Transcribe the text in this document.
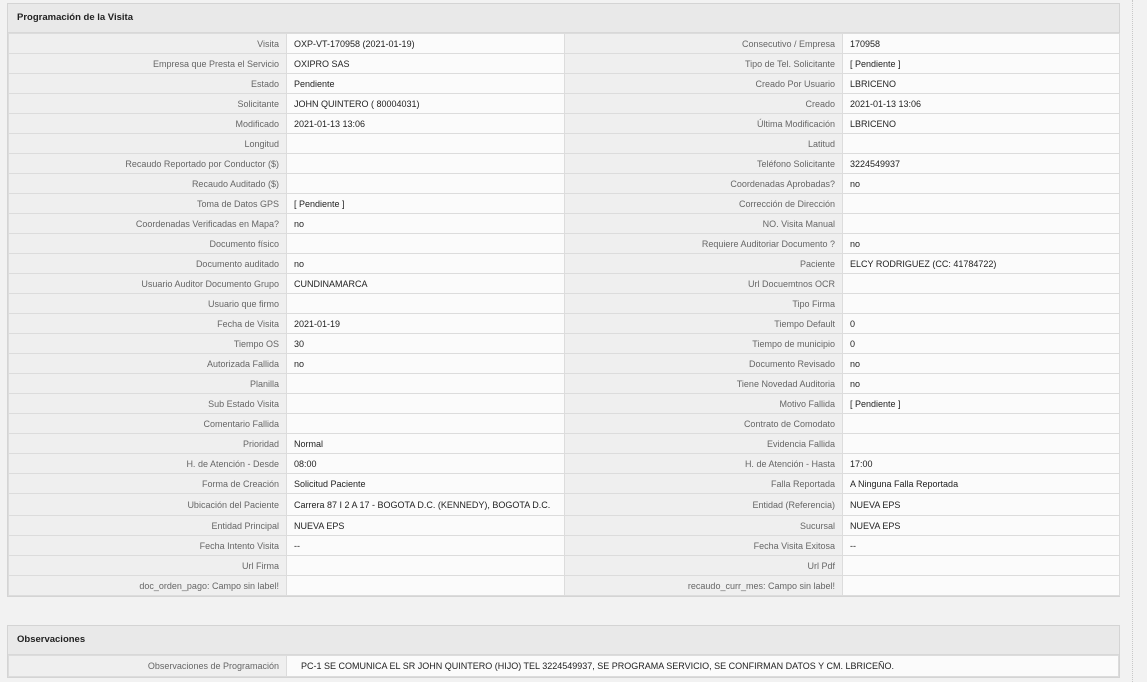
Programación de la Visita
Visita	OXP-VT-170958 (2021-01-19)	Consecutivo / Empresa	170958
Empresa que Presta el Servicio	OXIPRO SAS	Tipo de Tel. Solicitante	[ Pendiente ]
Estado	Pendiente	Creado Por Usuario	LBRICENO
Solicitante	JOHN QUINTERO ( 80004031)	Creado	2021-01-13 13:06
Modificado	2021-01-13 13:06	Última Modificación	LBRICENO
Longitud		Latitud	
Recaudo Reportado por Conductor ($)		Teléfono Solicitante	3224549937
Recaudo Auditado ($)		Coordenadas Aprobadas?	no
Toma de Datos GPS	[ Pendiente ]	Corrección de Dirección	
Coordenadas Verificadas en Mapa?	no	NO. Visita Manual	
Documento físico		Requiere Auditoriar Documento ?	no
Documento auditado	no	Paciente	ELCY RODRIGUEZ (CC: 41784722)
Usuario Auditor Documento Grupo	CUNDINAMARCA	Url Docuemtnos OCR	
Usuario que firmo		Tipo Firma	
Fecha de Visita	2021-01-19	Tiempo Default	0
Tiempo OS	30	Tiempo de municipio	0
Autorizada Fallida	no	Documento Revisado	no
Planilla		Tiene Novedad Auditoria	no
Sub Estado Visita		Motivo Fallida	[ Pendiente ]
Comentario Fallida		Contrato de Comodato	
Prioridad	Normal	Evidencia Fallida	
H. de Atención - Desde	08:00	H. de Atención - Hasta	17:00
Forma de Creación	Solicitud Paciente	Falla Reportada	A Ninguna Falla Reportada
Ubicación del Paciente	Carrera 87 I 2 A 17 - BOGOTA D.C. (KENNEDY), BOGOTA D.C.	Entidad (Referencia)	NUEVA EPS
Entidad Principal	NUEVA EPS	Sucursal	NUEVA EPS
Fecha Intento Visita	--	Fecha Visita Exitosa	--
Url Firma		Url Pdf	
doc_orden_pago: Campo sin label!		recaudo_curr_mes: Campo sin label!	
Observaciones
Observaciones de Programación	PC-1 SE COMUNICA EL SR JOHN QUINTERO (HIJO) TEL 3224549937, SE PROGRAMA SERVICIO, SE CONFIRMAN DATOS Y CM. LBRICEÑO.
